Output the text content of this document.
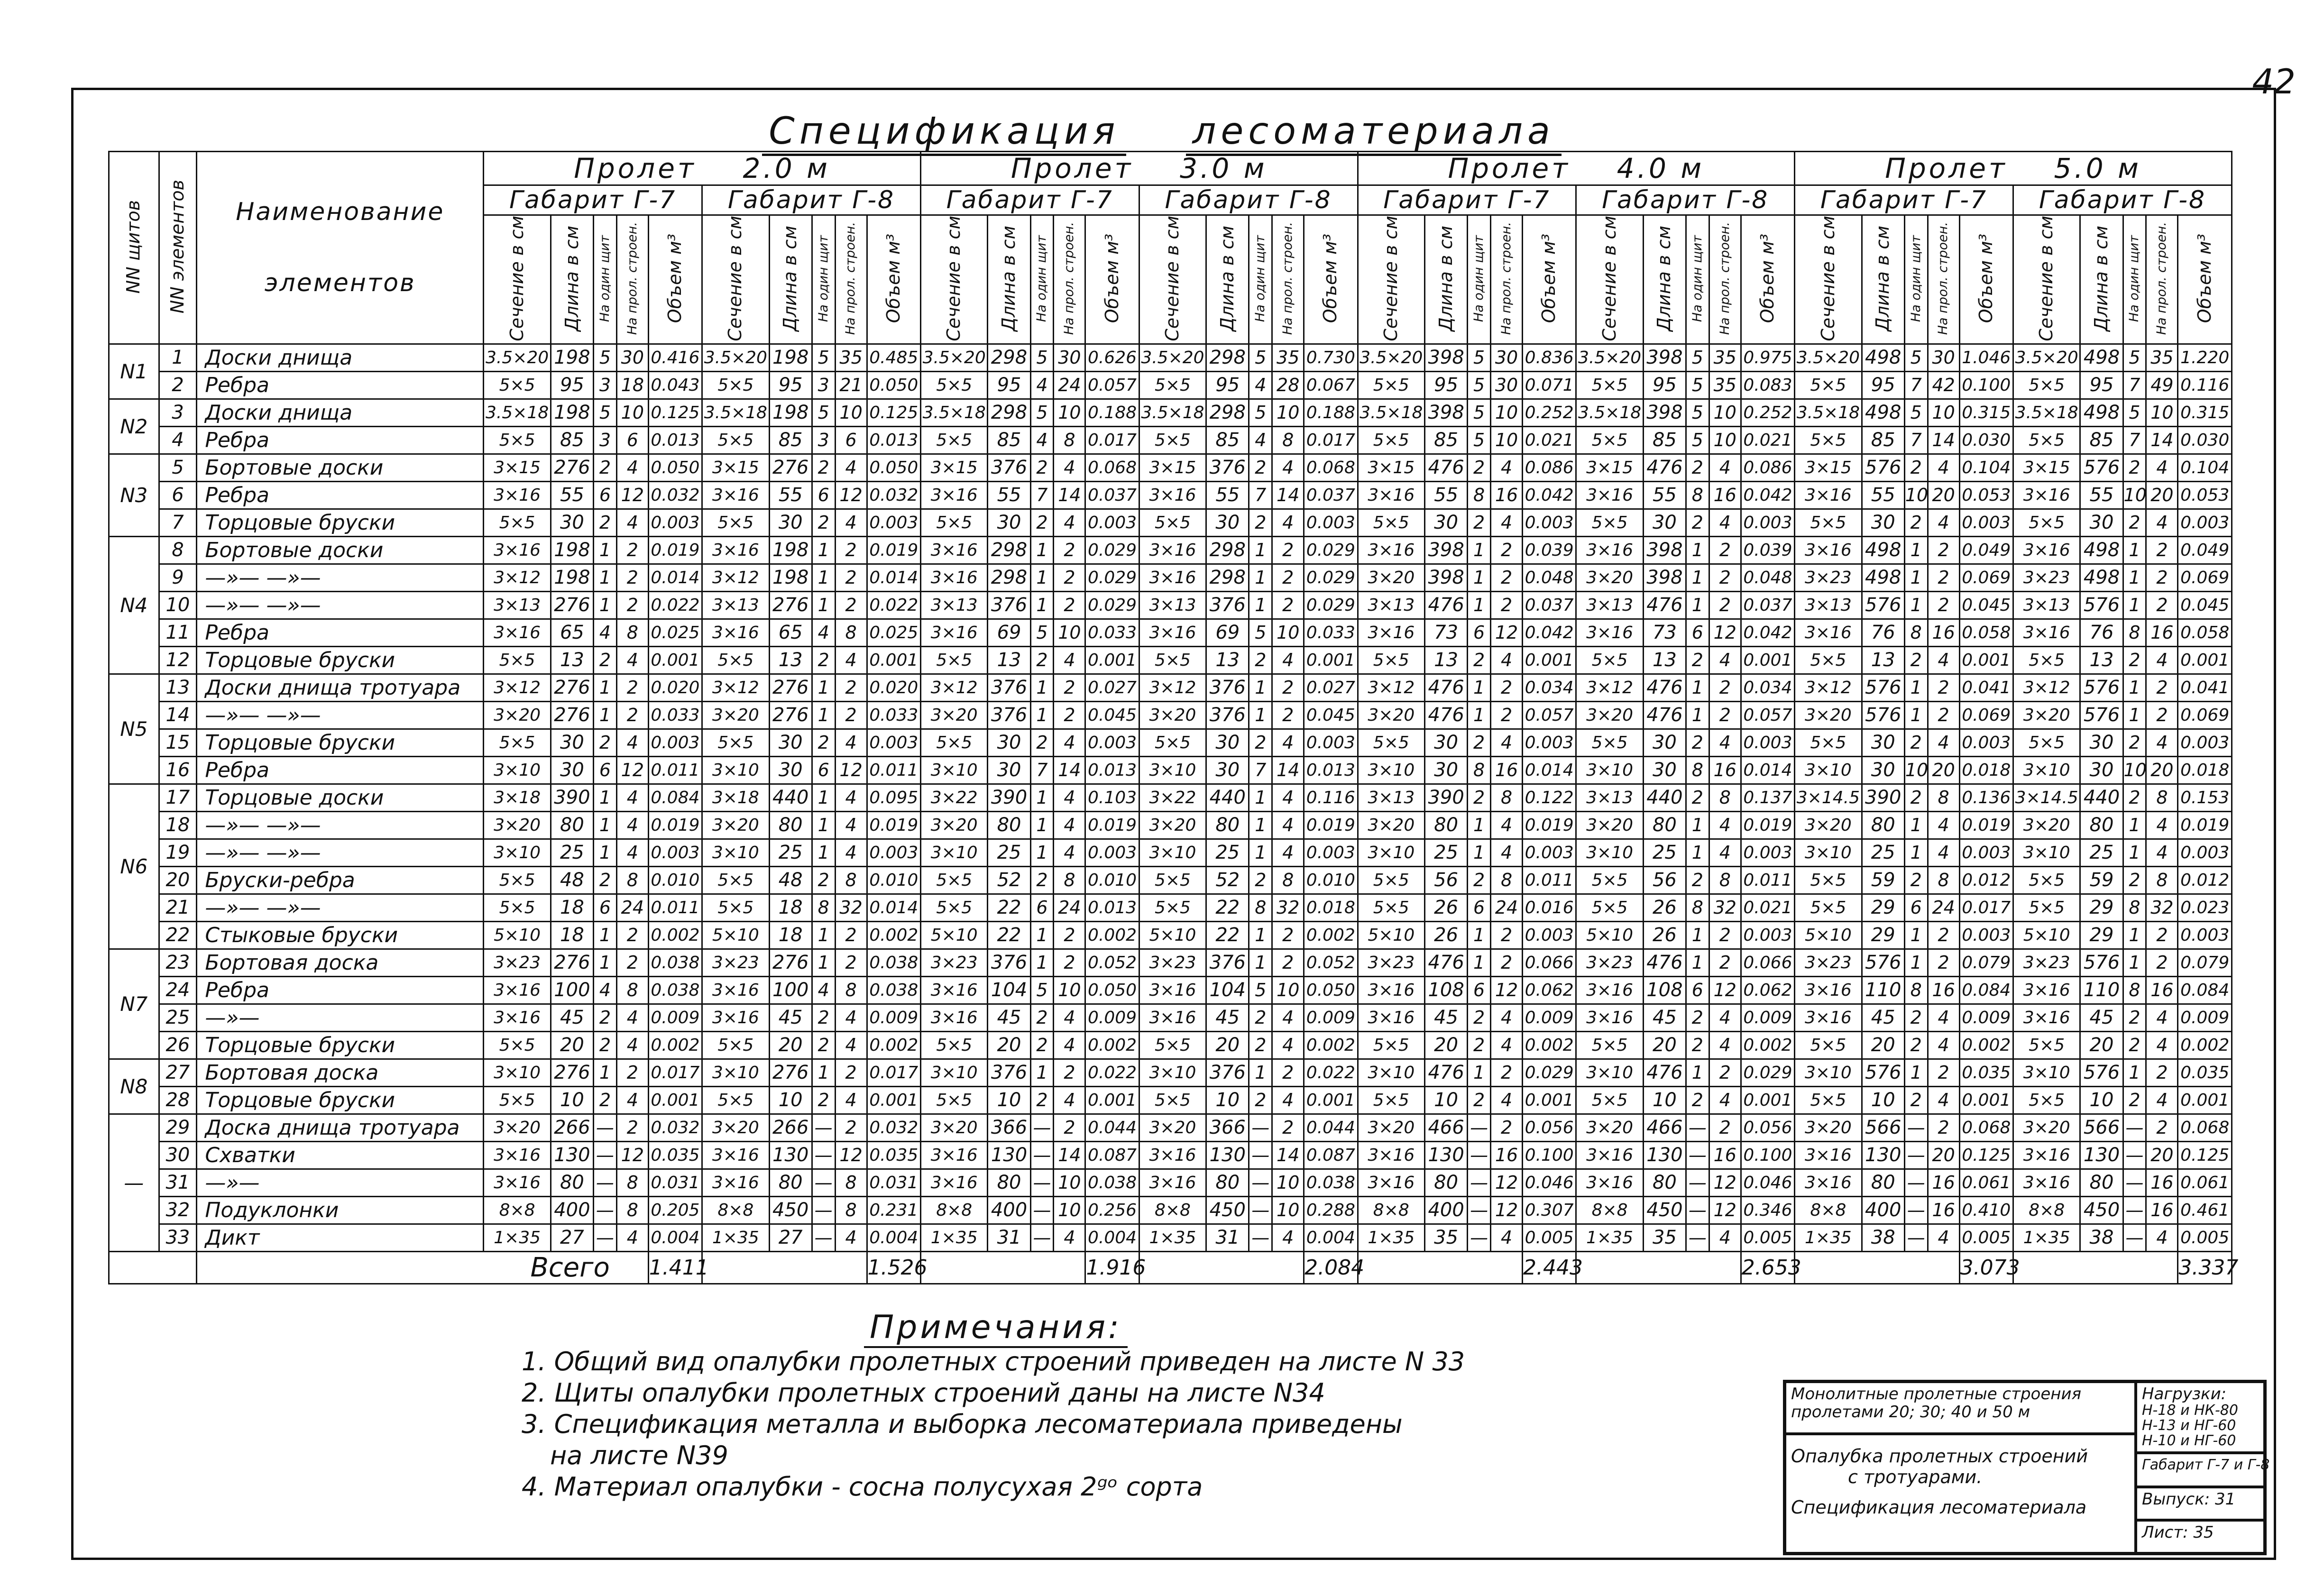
42
Спецификация лесоматериала
NN щитов	NN элементов	Наименование элементов	Пролет 2.0 м										Пролет 3.0 м										Пролет 4.0 м										Пролет 5.0 м									
			Габарит Г-7					Габарит Г-8					Габарит Г-7					Габарит Г-8					Габарит Г-7					Габарит Г-8					Габарит Г-7					Габарит Г-8				
			Сечение в см	Длина в см	На один щит	На прол. строен.	Объем м³	Сечение в см	Длина в см	На один щит	На прол. строен.	Объем м³	Сечение в см	Длина в см	На один щит	На прол. строен.	Объем м³	Сечение в см	Длина в см	На один щит	На прол. строен.	Объем м³	Сечение в см	Длина в см	На один щит	На прол. строен.	Объем м³	Сечение в см	Длина в см	На один щит	На прол. строен.	Объем м³	Сечение в см	Длина в см	На один щит	На прол. строен.	Объем м³	Сечение в см	Длина в см	На один щит	На прол. строен.	Объем м³
N1	1	Доски днища	3.5×20	198	5	30	0.416	3.5×20	198	5	35	0.485	3.5×20	298	5	30	0.626	3.5×20	298	5	35	0.730	3.5×20	398	5	30	0.836	3.5×20	398	5	35	0.975	3.5×20	498	5	30	1.046	3.5×20	498	5	35	1.220
	2	Ребра	5×5	95	3	18	0.043	5×5	95	3	21	0.050	5×5	95	4	24	0.057	5×5	95	4	28	0.067	5×5	95	5	30	0.071	5×5	95	5	35	0.083	5×5	95	7	42	0.100	5×5	95	7	49	0.116
N2	3	Доски днища	3.5×18	198	5	10	0.125	3.5×18	198	5	10	0.125	3.5×18	298	5	10	0.188	3.5×18	298	5	10	0.188	3.5×18	398	5	10	0.252	3.5×18	398	5	10	0.252	3.5×18	498	5	10	0.315	3.5×18	498	5	10	0.315
	4	Ребра	5×5	85	3	6	0.013	5×5	85	3	6	0.013	5×5	85	4	8	0.017	5×5	85	4	8	0.017	5×5	85	5	10	0.021	5×5	85	5	10	0.021	5×5	85	7	14	0.030	5×5	85	7	14	0.030
N3	5	Бортовые доски	3×15	276	2	4	0.050	3×15	276	2	4	0.050	3×15	376	2	4	0.068	3×15	376	2	4	0.068	3×15	476	2	4	0.086	3×15	476	2	4	0.086	3×15	576	2	4	0.104	3×15	576	2	4	0.104
	6	Ребра	3×16	55	6	12	0.032	3×16	55	6	12	0.032	3×16	55	7	14	0.037	3×16	55	7	14	0.037	3×16	55	8	16	0.042	3×16	55	8	16	0.042	3×16	55	10	20	0.053	3×16	55	10	20	0.053
	7	Торцовые бруски	5×5	30	2	4	0.003	5×5	30	2	4	0.003	5×5	30	2	4	0.003	5×5	30	2	4	0.003	5×5	30	2	4	0.003	5×5	30	2	4	0.003	5×5	30	2	4	0.003	5×5	30	2	4	0.003
N4	8	Бортовые доски	3×16	198	1	2	0.019	3×16	198	1	2	0.019	3×16	298	1	2	0.029	3×16	298	1	2	0.029	3×16	398	1	2	0.039	3×16	398	1	2	0.039	3×16	498	1	2	0.049	3×16	498	1	2	0.049
	9	—»— —»—	3×12	198	1	2	0.014	3×12	198	1	2	0.014	3×16	298	1	2	0.029	3×16	298	1	2	0.029	3×20	398	1	2	0.048	3×20	398	1	2	0.048	3×23	498	1	2	0.069	3×23	498	1	2	0.069
	10	—»— —»—	3×13	276	1	2	0.022	3×13	276	1	2	0.022	3×13	376	1	2	0.029	3×13	376	1	2	0.029	3×13	476	1	2	0.037	3×13	476	1	2	0.037	3×13	576	1	2	0.045	3×13	576	1	2	0.045
	11	Ребра	3×16	65	4	8	0.025	3×16	65	4	8	0.025	3×16	69	5	10	0.033	3×16	69	5	10	0.033	3×16	73	6	12	0.042	3×16	73	6	12	0.042	3×16	76	8	16	0.058	3×16	76	8	16	0.058
	12	Торцовые бруски	5×5	13	2	4	0.001	5×5	13	2	4	0.001	5×5	13	2	4	0.001	5×5	13	2	4	0.001	5×5	13	2	4	0.001	5×5	13	2	4	0.001	5×5	13	2	4	0.001	5×5	13	2	4	0.001
N5	13	Доски днища тротуара	3×12	276	1	2	0.020	3×12	276	1	2	0.020	3×12	376	1	2	0.027	3×12	376	1	2	0.027	3×12	476	1	2	0.034	3×12	476	1	2	0.034	3×12	576	1	2	0.041	3×12	576	1	2	0.041
	14	—»— —»—	3×20	276	1	2	0.033	3×20	276	1	2	0.033	3×20	376	1	2	0.045	3×20	376	1	2	0.045	3×20	476	1	2	0.057	3×20	476	1	2	0.057	3×20	576	1	2	0.069	3×20	576	1	2	0.069
	15	Торцовые бруски	5×5	30	2	4	0.003	5×5	30	2	4	0.003	5×5	30	2	4	0.003	5×5	30	2	4	0.003	5×5	30	2	4	0.003	5×5	30	2	4	0.003	5×5	30	2	4	0.003	5×5	30	2	4	0.003
	16	Ребра	3×10	30	6	12	0.011	3×10	30	6	12	0.011	3×10	30	7	14	0.013	3×10	30	7	14	0.013	3×10	30	8	16	0.014	3×10	30	8	16	0.014	3×10	30	10	20	0.018	3×10	30	10	20	0.018
N6	17	Торцовые доски	3×18	390	1	4	0.084	3×18	440	1	4	0.095	3×22	390	1	4	0.103	3×22	440	1	4	0.116	3×13	390	2	8	0.122	3×13	440	2	8	0.137	3×14.5	390	2	8	0.136	3×14.5	440	2	8	0.153
	18	—»— —»—	3×20	80	1	4	0.019	3×20	80	1	4	0.019	3×20	80	1	4	0.019	3×20	80	1	4	0.019	3×20	80	1	4	0.019	3×20	80	1	4	0.019	3×20	80	1	4	0.019	3×20	80	1	4	0.019
	19	—»— —»—	3×10	25	1	4	0.003	3×10	25	1	4	0.003	3×10	25	1	4	0.003	3×10	25	1	4	0.003	3×10	25	1	4	0.003	3×10	25	1	4	0.003	3×10	25	1	4	0.003	3×10	25	1	4	0.003
	20	Бруски-ребра	5×5	48	2	8	0.010	5×5	48	2	8	0.010	5×5	52	2	8	0.010	5×5	52	2	8	0.010	5×5	56	2	8	0.011	5×5	56	2	8	0.011	5×5	59	2	8	0.012	5×5	59	2	8	0.012
	21	—»— —»—	5×5	18	6	24	0.011	5×5	18	8	32	0.014	5×5	22	6	24	0.013	5×5	22	8	32	0.018	5×5	26	6	24	0.016	5×5	26	8	32	0.021	5×5	29	6	24	0.017	5×5	29	8	32	0.023
	22	Стыковые бруски	5×10	18	1	2	0.002	5×10	18	1	2	0.002	5×10	22	1	2	0.002	5×10	22	1	2	0.002	5×10	26	1	2	0.003	5×10	26	1	2	0.003	5×10	29	1	2	0.003	5×10	29	1	2	0.003
N7	23	Бортовая доска	3×23	276	1	2	0.038	3×23	276	1	2	0.038	3×23	376	1	2	0.052	3×23	376	1	2	0.052	3×23	476	1	2	0.066	3×23	476	1	2	0.066	3×23	576	1	2	0.079	3×23	576	1	2	0.079
	24	Ребра	3×16	100	4	8	0.038	3×16	100	4	8	0.038	3×16	104	5	10	0.050	3×16	104	5	10	0.050	3×16	108	6	12	0.062	3×16	108	6	12	0.062	3×16	110	8	16	0.084	3×16	110	8	16	0.084
	25	—»—	3×16	45	2	4	0.009	3×16	45	2	4	0.009	3×16	45	2	4	0.009	3×16	45	2	4	0.009	3×16	45	2	4	0.009	3×16	45	2	4	0.009	3×16	45	2	4	0.009	3×16	45	2	4	0.009
	26	Торцовые бруски	5×5	20	2	4	0.002	5×5	20	2	4	0.002	5×5	20	2	4	0.002	5×5	20	2	4	0.002	5×5	20	2	4	0.002	5×5	20	2	4	0.002	5×5	20	2	4	0.002	5×5	20	2	4	0.002
N8	27	Бортовая доска	3×10	276	1	2	0.017	3×10	276	1	2	0.017	3×10	376	1	2	0.022	3×10	376	1	2	0.022	3×10	476	1	2	0.029	3×10	476	1	2	0.029	3×10	576	1	2	0.035	3×10	576	1	2	0.035
	28	Торцовые бруски	5×5	10	2	4	0.001	5×5	10	2	4	0.001	5×5	10	2	4	0.001	5×5	10	2	4	0.001	5×5	10	2	4	0.001	5×5	10	2	4	0.001	5×5	10	2	4	0.001	5×5	10	2	4	0.001
—	29	Доска днища тротуара	3×20	266	—	2	0.032	3×20	266	—	2	0.032	3×20	366	—	2	0.044	3×20	366	—	2	0.044	3×20	466	—	2	0.056	3×20	466	—	2	0.056	3×20	566	—	2	0.068	3×20	566	—	2	0.068
	30	Схватки	3×16	130	—	12	0.035	3×16	130	—	12	0.035	3×16	130	—	14	0.087	3×16	130	—	14	0.087	3×16	130	—	16	0.100	3×16	130	—	16	0.100	3×16	130	—	20	0.125	3×16	130	—	20	0.125
	31	—»—	3×16	80	—	8	0.031	3×16	80	—	8	0.031	3×16	80	—	10	0.038	3×16	80	—	10	0.038	3×16	80	—	12	0.046	3×16	80	—	12	0.046	3×16	80	—	16	0.061	3×16	80	—	16	0.061
	32	Подуклонки	8×8	400	—	8	0.205	8×8	450	—	8	0.231	8×8	400	—	10	0.256	8×8	450	—	10	0.288	8×8	400	—	12	0.307	8×8	450	—	12	0.346	8×8	400	—	16	0.410	8×8	450	—	16	0.461
	33	Дикт	1×35	27	—	4	0.004	1×35	27	—	4	0.004	1×35	31	—	4	0.004	1×35	31	—	4	0.004	1×35	35	—	4	0.005	1×35	35	—	4	0.005	1×35	38	—	4	0.005	1×35	38	—	4	0.005
		Всего					1.411					1.526					1.916					2.084					2.443					2.653					3.073					3.337
Примечания:
1. Общий вид опалубки пролетных строений приведен на листе N 33
2. Щиты опалубки пролетных строений даны на листе N34
3. Спецификация металла и выборка лесоматериала приведены
на листе N39
4. Материал опалубки - сосна полусухая 2ᵍᵒ сорта
Монолитные пролетные строения пролетами 20; 30; 40 и 50 м
Нагрузки:
Н-18 и НК-80
Н-13 и НГ-60
Н-10 и НГ-60
Опалубка пролетных строений
с тротуарами.
Спецификация лесоматериала
Габарит Г-7 и Г-8
Выпуск: 31
Лист: 35
